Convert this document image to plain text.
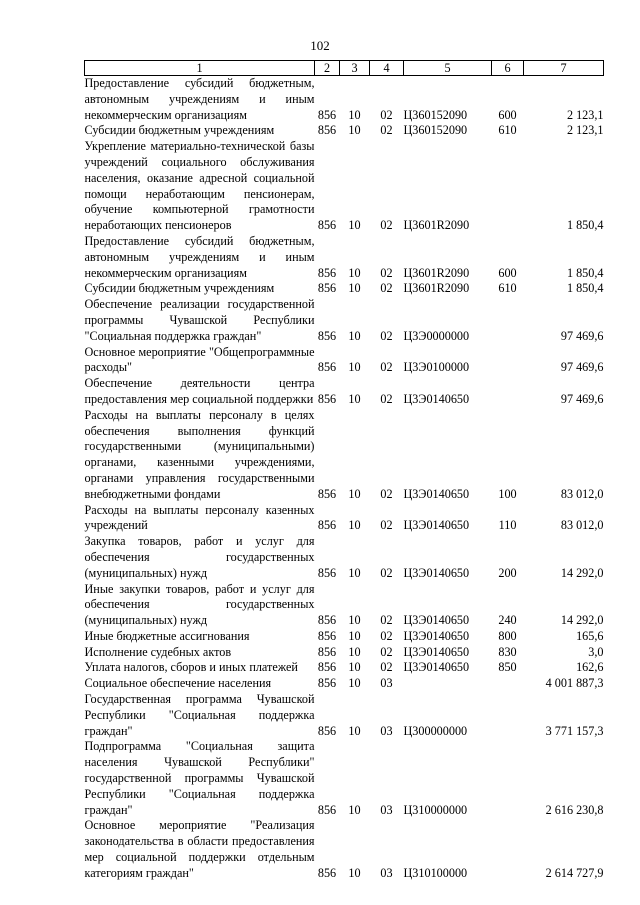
102
1	2	3	4	5	6	7
Предоставление субсидий бюджетным, автономным учреждениям и иным некоммерческим организациям	856	10	02	Ц360152090	600	2 123,1
Субсидии бюджетным учреждениям	856	10	02	Ц360152090	610	2 123,1
Укрепление материально-технической базы учреждений социального обслуживания населения, оказание адресной социальной помощи неработающим пенсионерам, обучение компьютерной грамотности неработающих пенсионеров	856	10	02	Ц3601R2090		1 850,4
Предоставление субсидий бюджетным, автономным учреждениям и иным некоммерческим организациям	856	10	02	Ц3601R2090	600	1 850,4
Субсидии бюджетным учреждениям	856	10	02	Ц3601R2090	610	1 850,4
Обеспечение реализации государственной программы Чувашской Республики "Социальная поддержка граждан"	856	10	02	Ц3Э0000000		97 469,6
Основное мероприятие "Общепрограммные расходы"	856	10	02	Ц3Э0100000		97 469,6
Обеспечение деятельности центра предоставления мер социальной поддержки	856	10	02	Ц3Э0140650		97 469,6
Расходы на выплаты персоналу в целях обеспечения выполнения функций государственными (муниципальными) органами, казенными учреждениями, органами управления государственными внебюджетными фондами	856	10	02	Ц3Э0140650	100	83 012,0
Расходы на выплаты персоналу казенных учреждений	856	10	02	Ц3Э0140650	110	83 012,0
Закупка товаров, работ и услуг для обеспечения государственных (муниципальных) нужд	856	10	02	Ц3Э0140650	200	14 292,0
Иные закупки товаров, работ и услуг для обеспечения государственных (муниципальных) нужд	856	10	02	Ц3Э0140650	240	14 292,0
Иные бюджетные ассигнования	856	10	02	Ц3Э0140650	800	165,6
Исполнение судебных актов	856	10	02	Ц3Э0140650	830	3,0
Уплата налогов, сборов и иных платежей	856	10	02	Ц3Э0140650	850	162,6
Социальное обеспечение населения	856	10	03			4 001 887,3
Государственная программа Чувашской Республики "Социальная поддержка граждан"	856	10	03	Ц300000000		3 771 157,3
Подпрограмма "Социальная защита населения Чувашской Республики" государственной программы Чувашской Республики "Социальная поддержка граждан"	856	10	03	Ц310000000		2 616 230,8
Основное мероприятие "Реализация законодательства в области предоставления мер социальной поддержки отдельным категориям граждан"	856	10	03	Ц310100000		2 614 727,9
